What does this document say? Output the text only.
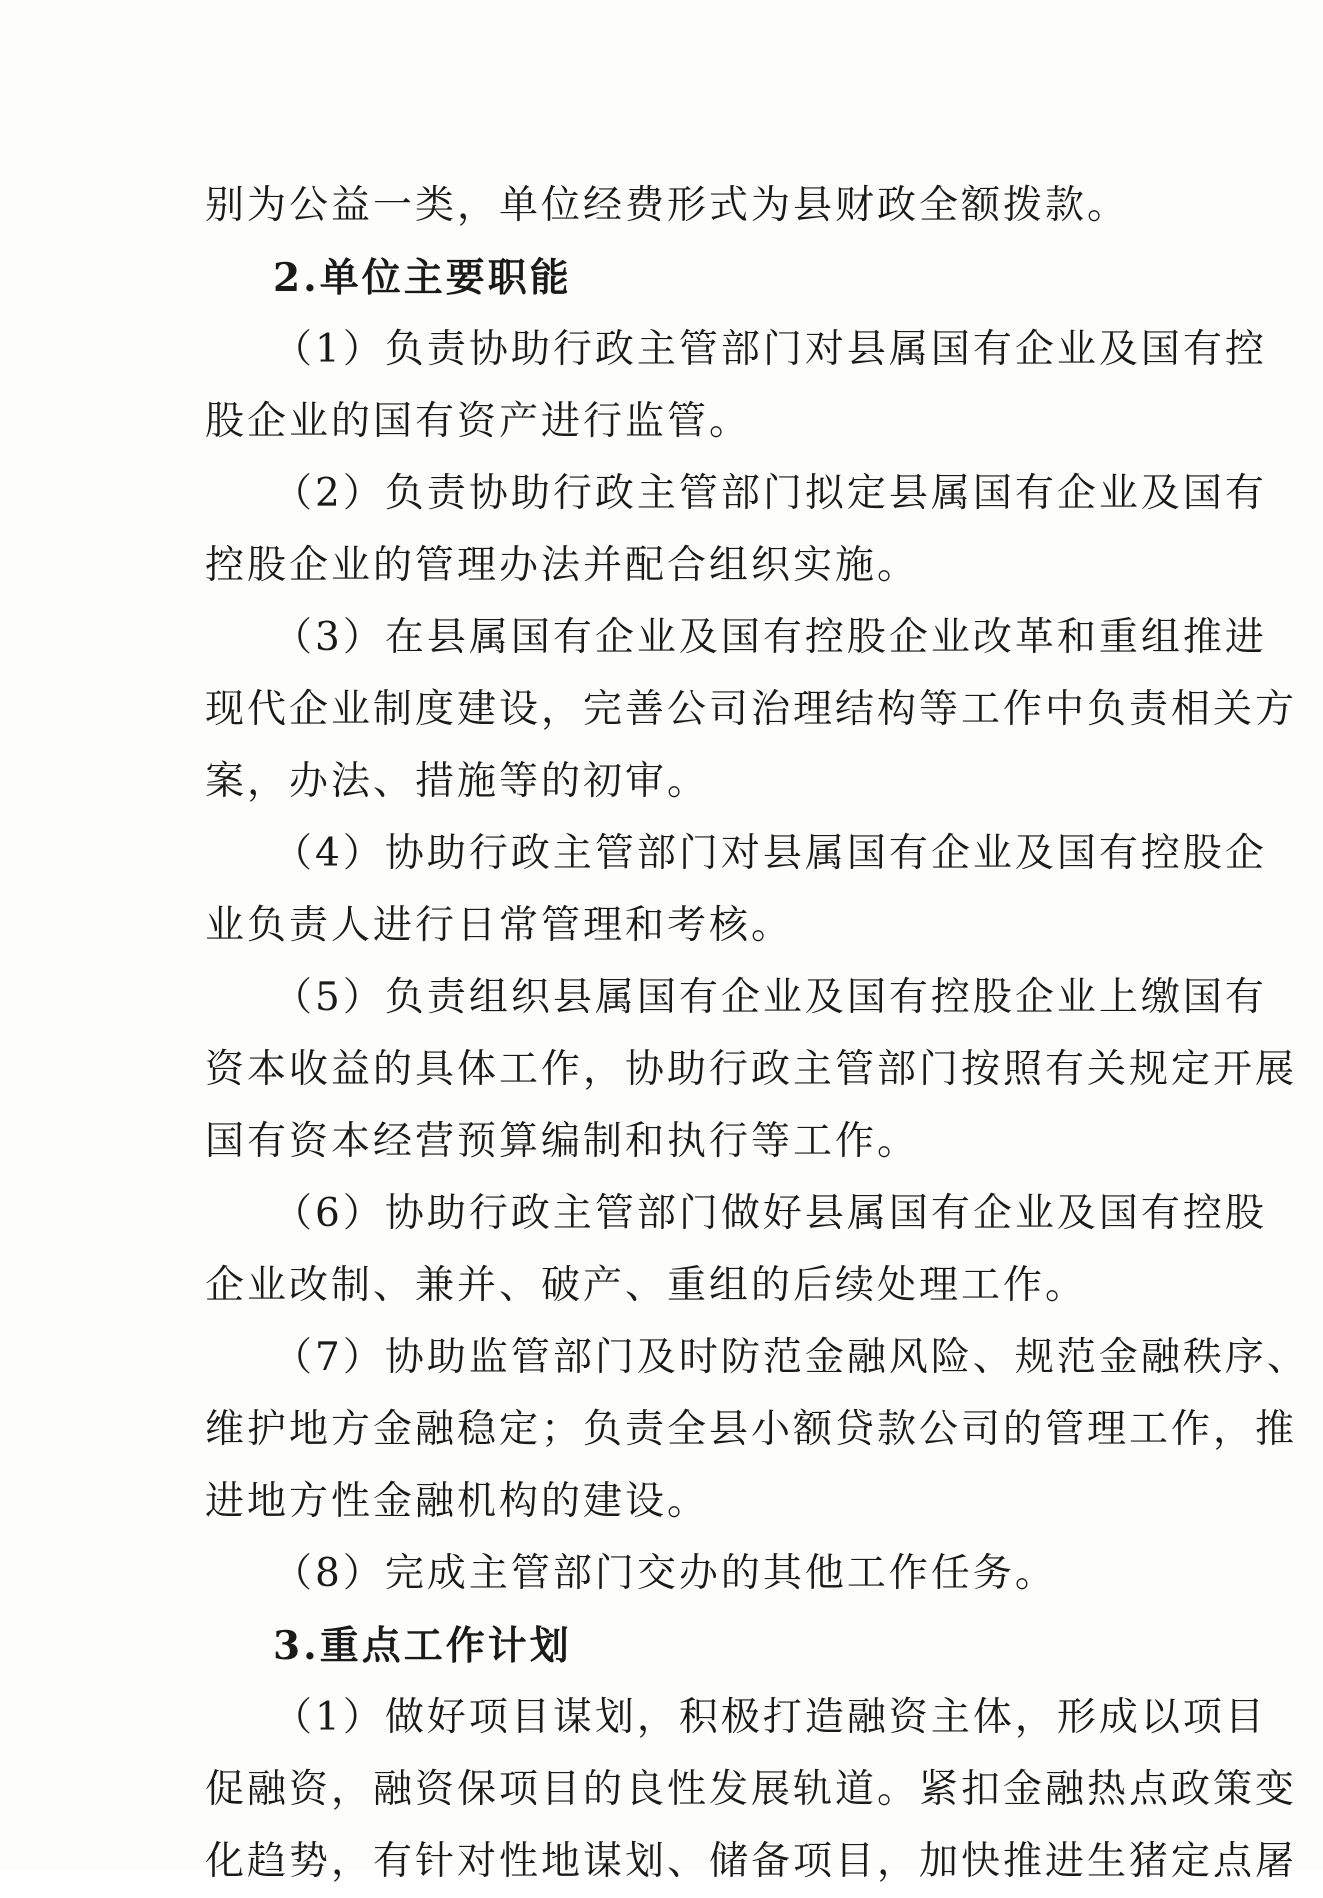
别为公益一类，单位经费形式为县财政全额拨款。
2.单位主要职能
（1）负责协助行政主管部门对县属国有企业及国有控
股企业的国有资产进行监管。
（2）负责协助行政主管部门拟定县属国有企业及国有
控股企业的管理办法并配合组织实施。
（3）在县属国有企业及国有控股企业改革和重组推进
现代企业制度建设，完善公司治理结构等工作中负责相关方
案，办法、措施等的初审。
（4）协助行政主管部门对县属国有企业及国有控股企
业负责人进行日常管理和考核。
（5）负责组织县属国有企业及国有控股企业上缴国有
资本收益的具体工作，协助行政主管部门按照有关规定开展
国有资本经营预算编制和执行等工作。
（6）协助行政主管部门做好县属国有企业及国有控股
企业改制、兼并、破产、重组的后续处理工作。
（7）协助监管部门及时防范金融风险、规范金融秩序、
维护地方金融稳定；负责全县小额贷款公司的管理工作，推
进地方性金融机构的建设。
（8）完成主管部门交办的其他工作任务。
3.重点工作计划
（1）做好项目谋划，积极打造融资主体，形成以项目
促融资，融资保项目的良性发展轨道。紧扣金融热点政策变
化趋势，有针对性地谋划、储备项目，加快推进生猪定点屠
